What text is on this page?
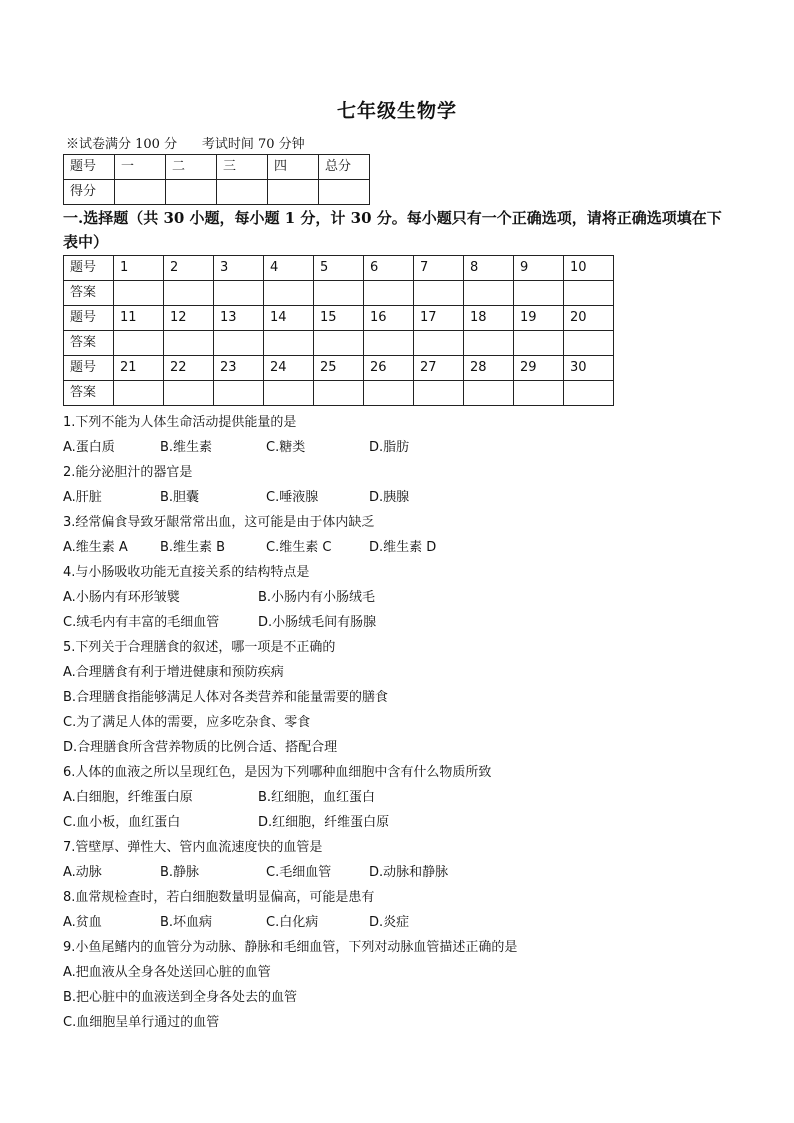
七年级生物学
※试卷满分 100 分      考试时间 70 分钟
题号	一	二	三	四	总分
得分					
一.选择题（共 30 小题，每小题 1 分，计 30 分。每小题只有一个正确选项，请将正确选项填在下表中）
题号	1	2	3	4	5	6	7	8	9	10
答案										
题号	11	12	13	14	15	16	17	18	19	20
答案										
题号	21	22	23	24	25	26	27	28	29	30
答案										
1.下列不能为人体生命活动提供能量的是
A.蛋白质	B.维生素	C.糖类	D.脂肪
2.能分泌胆汁的器官是
A.肝脏	B.胆囊	C.唾液腺	D.胰腺
3.经常偏食导致牙龈常常出血，这可能是由于体内缺乏
A.维生素 A B.维生素 B	C.维生素 C	D.维生素 D
4.与小肠吸收功能无直接关系的结构特点是
A.小肠内有环形皱襞	B.小肠内有小肠绒毛
C.绒毛内有丰富的毛细血管	D.小肠绒毛间有肠腺
5.下列关于合理膳食的叙述，哪一项是不正确的
A.合理膳食有利于增进健康和预防疾病
B.合理膳食指能够满足人体对各类营养和能量需要的膳食
C.为了满足人体的需要，应多吃杂食、零食
D.合理膳食所含营养物质的比例合适、搭配合理
6.人体的血液之所以呈现红色，是因为下列哪种血细胞中含有什么物质所致
A.白细胞，纤维蛋白原	B.红细胞，血红蛋白
C.血小板，血红蛋白	D.红细胞，纤维蛋白原
7.管壁厚、弹性大、管内血流速度快的血管是
A.动脉	B.静脉	C.毛细血管	D.动脉和静脉
8.血常规检查时，若白细胞数量明显偏高，可能是患有
A.贫血	B.坏血病	C.白化病	D.炎症
9.小鱼尾鳍内的血管分为动脉、静脉和毛细血管，下列对动脉血管描述正确的是
A.把血液从全身各处送回心脏的血管
B.把心脏中的血液送到全身各处去的血管
C.血细胞呈单行通过的血管
